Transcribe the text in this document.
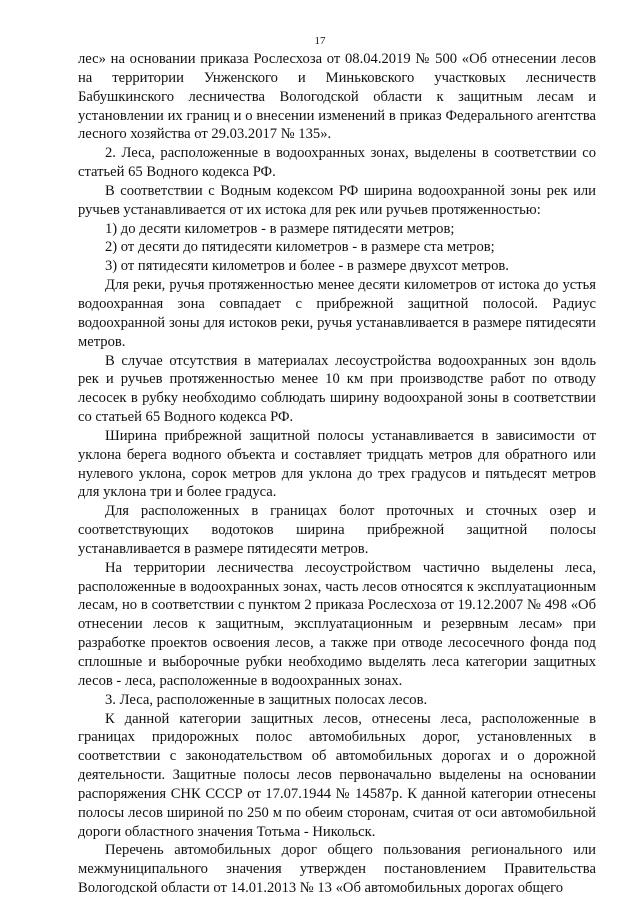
17

лес» на основании приказа Рослесхоза от 08.04.2019 № 500 «Об отнесении лесов на территории Унженского и Миньковского участковых лесничеств Бабушкинского лесничества Вологодской области к защитным лесам и установлении их границ и о внесении изменений в приказ Федерального агентства лесного хозяйства от 29.03.2017 № 135».

2. Леса, расположенные в водоохранных зонах, выделены в соответствии со статьей 65 Водного кодекса РФ.

В соответствии с Водным кодексом РФ ширина водоохранной зоны рек или ручьев устанавливается от их истока для рек или ручьев протяженностью:

1) до десяти километров - в размере пятидесяти метров;

2) от десяти до пятидесяти километров - в размере ста метров;

3) от пятидесяти километров и более - в размере двухсот метров.

Для реки, ручья протяженностью менее десяти километров от истока до устья водоохранная зона совпадает с прибрежной защитной полосой. Радиус водоохранной зоны для истоков реки, ручья устанавливается в размере пятидесяти метров.

В случае отсутствия в материалах лесоустройства водоохранных зон вдоль рек и ручьев протяженностью менее 10 км при производстве работ по отводу лесосек в рубку необходимо соблюдать ширину водоохраной зоны в соответствии со статьей 65 Водного кодекса РФ.

Ширина прибрежной защитной полосы устанавливается в зависимости от уклона берега водного объекта и составляет тридцать метров для обратного или нулевого уклона, сорок метров для уклона до трех градусов и пятьдесят метров для уклона три и более градуса.

Для расположенных в границах болот проточных и сточных озер и соответствующих водотоков ширина прибрежной защитной полосы устанавливается в размере пятидесяти метров.

На территории лесничества лесоустройством частично выделены леса, расположенные в водоохранных зонах, часть лесов относятся к эксплуатационным лесам, но в соответствии с пунктом 2 приказа Рослесхоза от 19.12.2007 № 498 «Об отнесении лесов к защитным, эксплуатационным и резервным лесам» при разработке проектов освоения лесов, а также при отводе лесосечного фонда под сплошные и выборочные рубки необходимо выделять леса категории защитных лесов - леса, расположенные в водоохранных зонах.

3. Леса, расположенные в защитных полосах лесов.

К данной категории защитных лесов, отнесены леса, расположенные в границах придорожных полос автомобильных дорог, установленных в соответствии с законодательством об автомобильных дорогах и о дорожной деятельности. Защитные полосы лесов первоначально выделены на основании распоряжения СНК СССР от 17.07.1944 № 14587р. К данной категории отнесены полосы лесов шириной по 250 м по обеим сторонам, считая от оси автомобильной дороги областного значения Тотьма - Никольск.

Перечень автомобильных дорог общего пользования регионального или межмуниципального значения утвержден постановлением Правительства Вологодской области от 14.01.2013 № 13 «Об автомобильных дорогах общего
